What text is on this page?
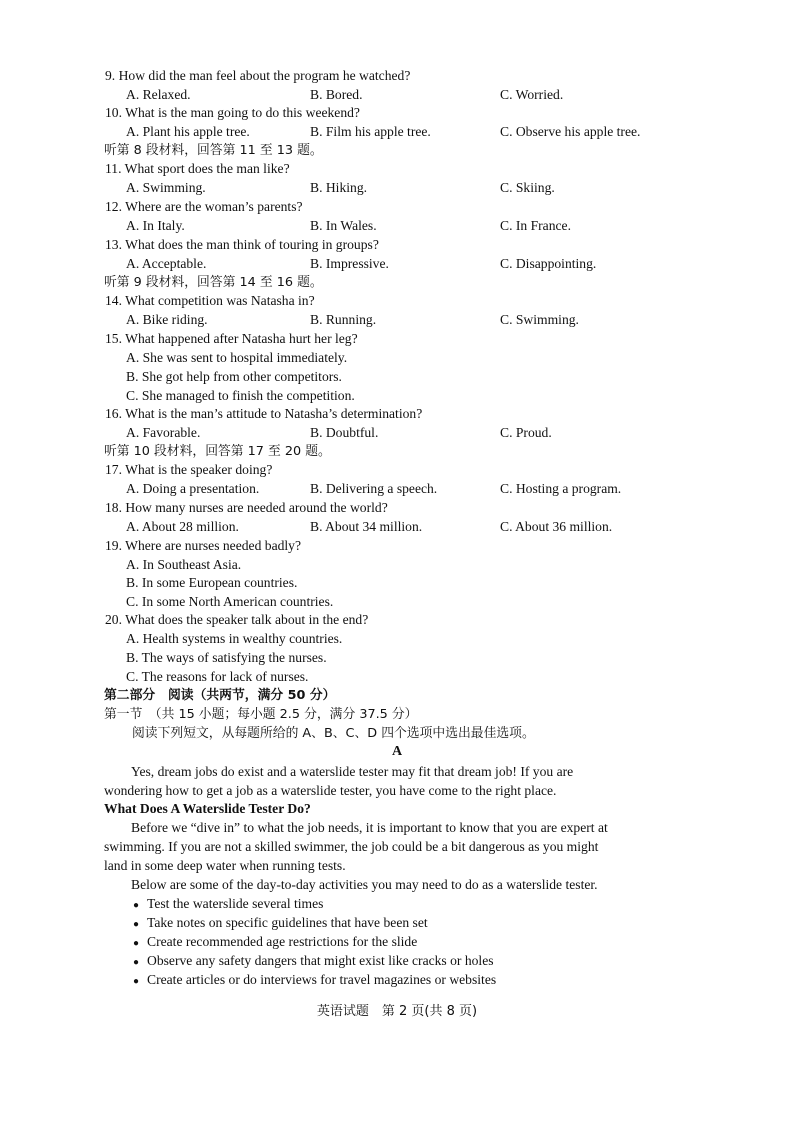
9. How did the man feel about the program he watched?
A. Relaxed.	B. Bored.	C. Worried.
10. What is the man going to do this weekend?
A. Plant his apple tree.	B. Film his apple tree.	C. Observe his apple tree.
听第 8 段材料，回答第 11 至 13 题。
11. What sport does the man like?
A. Swimming.	B. Hiking.	C. Skiing.
12. Where are the woman’s parents?
A. In Italy.	B. In Wales.	C. In France.
13. What does the man think of touring in groups?
A. Acceptable.	B. Impressive.	C. Disappointing.
听第 9 段材料，回答第 14 至 16 题。
14. What competition was Natasha in?
A. Bike riding.	B. Running.	C. Swimming.
15. What happened after Natasha hurt her leg?
A. She was sent to hospital immediately.
B. She got help from other competitors.
C. She managed to finish the competition.
16. What is the man’s attitude to Natasha’s determination?
A. Favorable.	B. Doubtful.	C. Proud.
听第 10 段材料，回答第 17 至 20 题。
17. What is the speaker doing?
A. Doing a presentation.	B. Delivering a speech.	C. Hosting a program.
18. How many nurses are needed around the world?
A. About 28 million.	B. About 34 million.	C. About 36 million.
19. Where are nurses needed badly?
A. In Southeast Asia.
B. In some European countries.
C. In some North American countries.
20. What does the speaker talk about in the end?
A. Health systems in wealthy countries.
B. The ways of satisfying the nurses.
C. The reasons for lack of nurses.
第二部分　阅读（共两节，满分 50 分）
第一节　（共 15 小题；每小题 2.5 分，满分 37.5 分）
阅读下列短文，从每题所给的 A、B、C、D 四个选项中选出最佳选项。
A
Yes, dream jobs do exist and a waterslide tester may fit that dream job! If you are
wondering how to get a job as a waterslide tester, you have come to the right place.
What Does A Waterslide Tester Do?
Before we “dive in” to what the job needs, it is important to know that you are expert at
swimming. If you are not a skilled swimmer, the job could be a bit dangerous as you might
land in some deep water when running tests.
Below are some of the day-to-day activities you may need to do as a waterslide tester.
● Test the waterslide several times
● Take notes on specific guidelines that have been set
● Create recommended age restrictions for the slide
● Observe any safety dangers that might exist like cracks or holes
● Create articles or do interviews for travel magazines or websites
英语试题　第 2 页(共 8 页)
